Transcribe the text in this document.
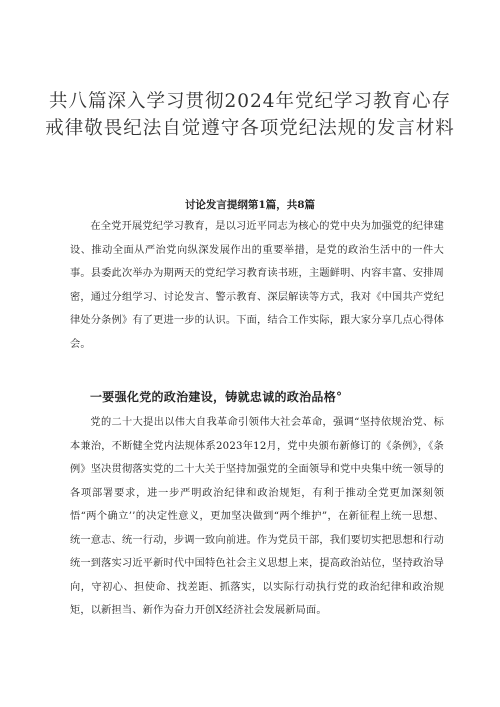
共八篇深入学习贯彻2024年党纪学习教育心存戒律敬畏纪法自觉遵守各项党纪法规的发言材料

讨论发言提纲第1篇，共8篇

在全党开展党纪学习教育，是以习近平同志为核心的党中央为加强党的纪律建设、推动全面从严治党向纵深发展作出的重要举措，是党的政治生活中的一件大事。县委此次举办为期两天的党纪学习教育读书班，主题鲜明、内容丰富、安排周密，通过分组学习、讨论发言、警示教育、深层解读等方式，我对《中国共产党纪律处分条例》有了更进一步的认识。下面，结合工作实际，跟大家分享几点心得体会。

一要强化党的政治建设，铸就忠诚的政治品格°

党的二十大提出以伟大自我革命引领伟大社会革命，强调“坚持依规治党、标本兼治，不断健全党内法规体系2023年12月，党中央颁布新修订的《条例》，《条例》坚决贯彻落实党的二十大关于坚持加强党的全面领导和党中央集中统一领导的各项部署要求，进一步严明政治纪律和政治规矩，有利于推动全党更加深刻领悟“两个确立’’的决定性意义，更加坚决做到“两个维护”，在新征程上统一思想、统一意志、统一行动，步调一致向前进。作为党员干部，我们要切实把思想和行动统一到落实习近平新时代中国特色社会主义思想上来，提高政治站位，坚持政治导向，守初心、担使命、找差距、抓落实，以实际行动执行党的政治纪律和政治规矩，以新担当、新作为奋力开创X经济社会发展新局面。
